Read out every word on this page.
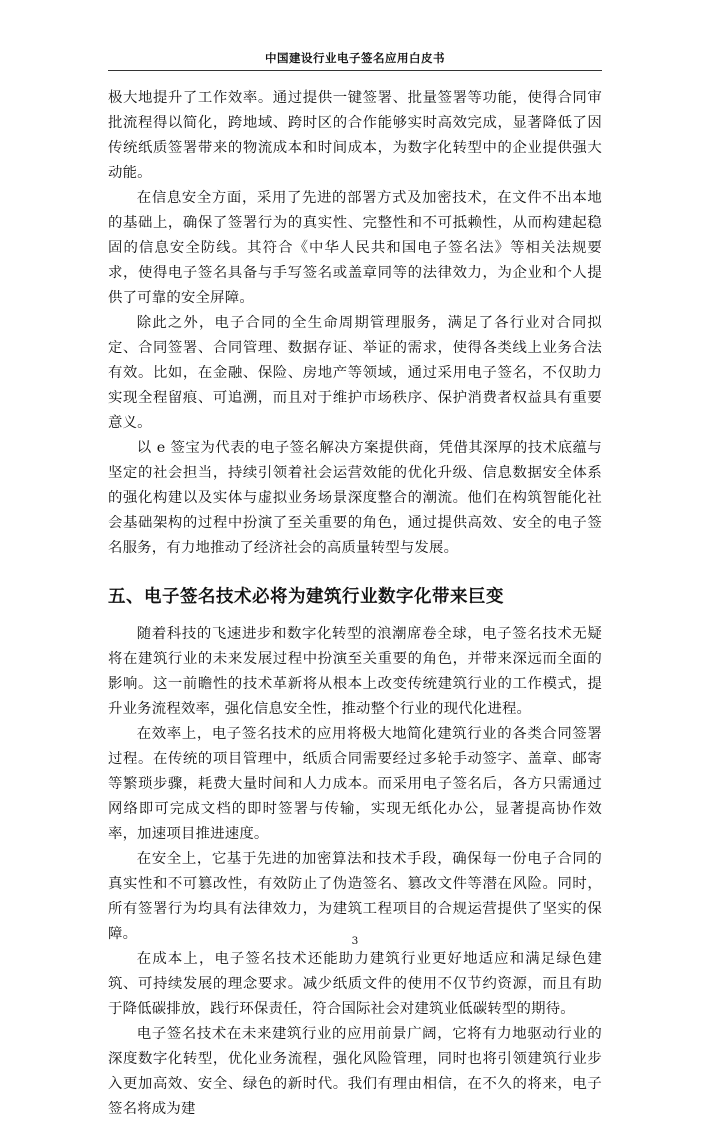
中国建设行业电子签名应用白皮书

极大地提升了工作效率。通过提供一键签署、批量签署等功能，使得合同审批流程得以简化，跨地域、跨时区的合作能够实时高效完成，显著降低了因传统纸质签署带来的物流成本和时间成本，为数字化转型中的企业提供强大动能。

在信息安全方面，采用了先进的部署方式及加密技术，在文件不出本地的基础上，确保了签署行为的真实性、完整性和不可抵赖性，从而构建起稳固的信息安全防线。其符合《中华人民共和国电子签名法》等相关法规要求，使得电子签名具备与手写签名或盖章同等的法律效力，为企业和个人提供了可靠的安全屏障。

除此之外，电子合同的全生命周期管理服务，满足了各行业对合同拟定、合同签署、合同管理、数据存证、举证的需求，使得各类线上业务合法有效。比如，在金融、保险、房地产等领域，通过采用电子签名，不仅助力实现全程留痕、可追溯，而且对于维护市场秩序、保护消费者权益具有重要意义。

以 e 签宝为代表的电子签名解决方案提供商，凭借其深厚的技术底蕴与坚定的社会担当，持续引领着社会运营效能的优化升级、信息数据安全体系的强化构建以及实体与虚拟业务场景深度整合的潮流。他们在构筑智能化社会基础架构的过程中扮演了至关重要的角色，通过提供高效、安全的电子签名服务，有力地推动了经济社会的高质量转型与发展。

五、电子签名技术必将为建筑行业数字化带来巨变

随着科技的飞速进步和数字化转型的浪潮席卷全球，电子签名技术无疑将在建筑行业的未来发展过程中扮演至关重要的角色，并带来深远而全面的影响。这一前瞻性的技术革新将从根本上改变传统建筑行业的工作模式，提升业务流程效率，强化信息安全性，推动整个行业的现代化进程。

在效率上，电子签名技术的应用将极大地简化建筑行业的各类合同签署过程。在传统的项目管理中，纸质合同需要经过多轮手动签字、盖章、邮寄等繁琐步骤，耗费大量时间和人力成本。而采用电子签名后，各方只需通过网络即可完成文档的即时签署与传输，实现无纸化办公，显著提高协作效率，加速项目推进速度。

在安全上，它基于先进的加密算法和技术手段，确保每一份电子合同的真实性和不可篡改性，有效防止了伪造签名、篡改文件等潜在风险。同时，所有签署行为均具有法律效力，为建筑工程项目的合规运营提供了坚实的保障。

在成本上，电子签名技术还能助力建筑行业更好地适应和满足绿色建筑、可持续发展的理念要求。减少纸质文件的使用不仅节约资源，而且有助于降低碳排放，践行环保责任，符合国际社会对建筑业低碳转型的期待。

电子签名技术在未来建筑行业的应用前景广阔，它将有力地驱动行业的深度数字化转型，优化业务流程，强化风险管理，同时也将引领建筑行业步入更加高效、安全、绿色的新时代。我们有理由相信，在不久的将来，电子签名将成为建

3
